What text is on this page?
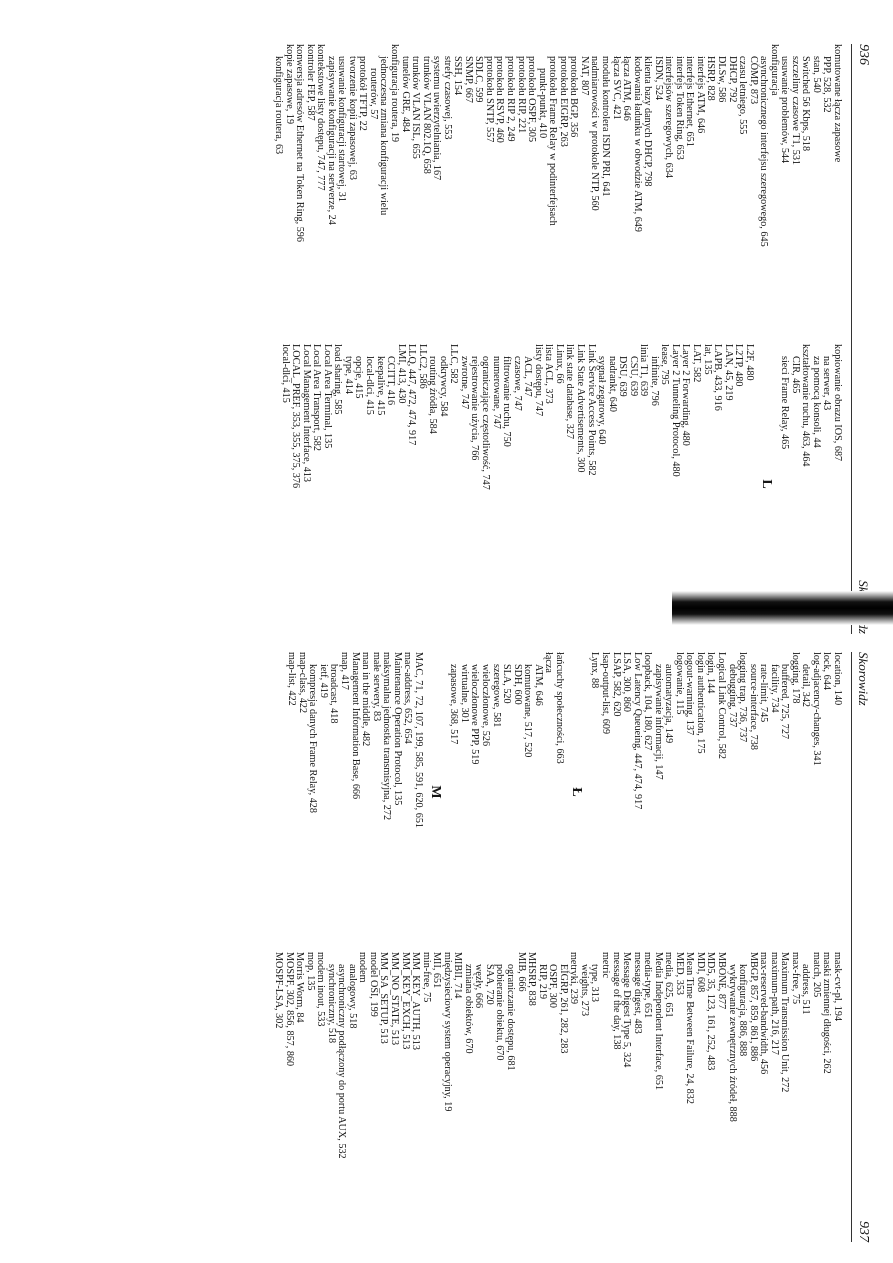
936
komutowane łącza zapasowe
PPP, 528, 532
stan, 540
Switched 56 Kbps, 518
szczeliny czasowe T1, 531
usuwanie problemów, 544
konfiguracja
asynchronicznego interfejsu szeregowego, 645
COMP, 873
czasu letniego, 555
DHCP, 792
DLSw, 586
HSRP, 828
interfejs ATM, 646
interfejs Ethernet, 651
interfejs Token Ring, 653
interfejsów szeregowych, 634
ISDN, 524
klienta bazy danych DHCP, 798
kodowania ładunku w obwodzie ATM, 649
łącza ATM, 646
łącza SVC, 421
modułu kontrolera ISDN PRI, 641
nadmiarowości w protokole NTP, 560
NAT, 807
protokołu BGP, 356
protokołu EIGRP, 263
protokołu Frame Relay w podinterfejsach
punkt-punkt, 410
protokołu OSPF, 305
protokołu RIP, 221
protokołu RIP 2, 249
protokołu RSVP, 460
protokołu SNTP, 557
SDLC, 599
SNMP, 667
SSH, 154
strefy czasowej, 553
systemu uwierzytelniania, 167
trunków VLAN 802.1Q, 658
trunków VLAN ISL, 655
tunelów GRE, 484
konfiguracja routera, 19
jednoczesna zmiana konfiguracji wielu
routerów, 57
protokół TFTP, 22
tworzenie kopii zapasowej, 63
usuwanie konfiguracji startowej, 31
zapisywanie konfiguracji na serwerze, 24
kontekstowe listy dostępu, 747, 777
kontroler FEP, 587
konwersja adresów Ethernet na Token Ring, 596
kopie zapasowe, 19
konfiguracja routera, 63
kopiowanie obrazu IOS, 687
na serwer, 43
za pomocą konsoli, 44
kształtowanie ruchu, 463, 464
CIR, 465
sieci Frame Relay, 465
L
L2F, 480
L2TP, 480
LAN, 45, 219
LAPB, 433, 916
lat, 135
LAT, 582
Layer 2 Forwarding, 480
Layer 2 Tunneling Protocol, 480
lease, 795
infinite, 796
linia T1, 639
CSU, 639
DSU, 639
nadrankt, 640
sygnał zegarowy, 640
Link Service Access Points, 582
Link State Advertisements, 300
link state database, 327
Linux, 66
lista ACL, 373
listy dostępu, 747
ACL, 747
czasowe, 747
filtrowanie ruchu, 750
numerowane, 747
ograniczające częstotliwość, 747
rejestrowanie użycia, 766
zwrotne, 747
LLC, 582
odkrywcy, 584
routing źródła, 584
LLC2, 586
LLQ, 447, 472, 474, 917
LMI, 413, 430
CCITT, 416
keepalive, 415
local-dlci, 415
opcje, 415
type, 414
load sharing, 585
Local Area Terminal, 135
Local Area Transport, 582
Local Management Interface, 413
LOCAL_PREF, 353, 355, 375, 376
local-dlci, 415
Skorowidz
937
location, 140
lock, 644
log-adjacency-changes, 341
detail, 342
logging, 178
buffered, 725, 727
facility, 734
rate-limit, 745
source-interface, 738
logging trap, 736, 737
debugging, 737
Logical Link Control, 582
login, 144
login authentication, 175
logout-warning, 137
logowanie, 115
automatyzacja, 149
zapisywanie informacji, 147
loopback, 104, 180, 627
Low Latency Queueing, 447, 474, 917
LSA, 300, 860
LSAP, 582, 620
lsap-output-list, 609
Lynx, 88
Ł
łańcuchy społeczności, 663
łącza
ATM, 646
komutowane, 517, 520
SDH, 600
SLA, 520
szeregowe, 581
wieloczłonowe, 526
wieloczłonowe PPP, 519
wirtualne, 301
zapasowe, 368, 517
M
MAC, 71, 72, 107, 199, 585, 591, 620, 651
mac-address, 652, 654
Maintenance Operation Protocol, 135
maksymalna jednostka transmisyjna, 272
małe serwery, 83
man in the middle, 482
Management Information Base, 666
map, 417
broadcast, 418
ietf, 419
kompresja danych Frame Relay, 428
map-class, 422
map-list, 422
mask-cvt-pl, 194
maski zmiennej długości, 262
match, 205
address, 511
max-free, 75
Maximum Transmission Unit, 272
maximum-path, 216, 217
max-reserved-bandwidth, 456
MBGP, 857, 859, 861, 886
konfiguracja, 886, 888
wykrywanie zewnętrznych źródeł, 888
MBONE, 877
MD5, 35, 123, 161, 252, 483
MDI, 608
Mean Time Between Failure, 24, 832
MED, 353
media, 625, 651
Media Independent Interface, 651
media-type, 651
message digest, 483
Message Digest Type 5, 324
message of the day, 138
metric
type, 313
weights, 273
metryki, 239
EIGRP, 261, 282, 283
OSPF, 300
RIP, 219
MHSRP, 838
MIB, 666
ograniczanie dostępu, 681
pobieranie obiektu, 670
SAA, 720
węzły, 666
zmiana obiektów, 670
MIBII, 714
międzysieciowy system operacyjny, 19
MII, 651
min-free, 75
MM_KEY_AUTH, 513
MM_KEY_EXCH, 513
MM_NO_STATE, 513
MM_SA_SETUP, 513
model OSI, 199
modem
analogowy, 518
asynchroniczny podłączony do portu AUX, 532
synchroniczny, 518
modem inout, 533
mop, 135
Morris Worm, 84
MOSPF, 302, 856, 857, 860
MOSPF-LSA, 302
